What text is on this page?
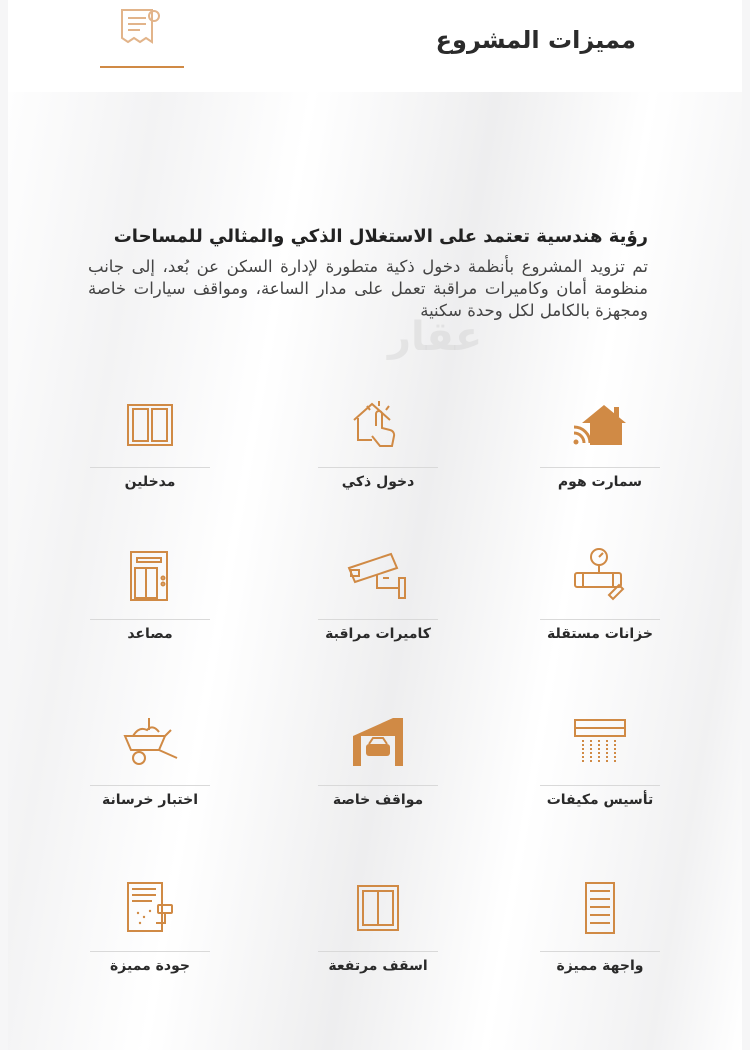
مميزات المشروع
رؤية هندسية تعتمد على الاستغلال الذكي والمثالي للمساحات
تم تزويد المشروع بأنظمة دخول ذكية متطورة لإدارة السكن عن بُعد، إلى جانب منظومة أمان وكاميرات مراقبة تعمل على مدار الساعة، ومواقف سيارات خاصة ومجهزة بالكامل لكل وحدة سكنية
عقار
سمارت هوم
دخول ذكي
مدخلين
خزانات مستقلة
كاميرات مراقبة
مصاعد
تأسيس مكيفات
مواقف خاصة
اختبار خرسانة
واجهة مميزة
اسقف مرتفعة
جودة مميزة
